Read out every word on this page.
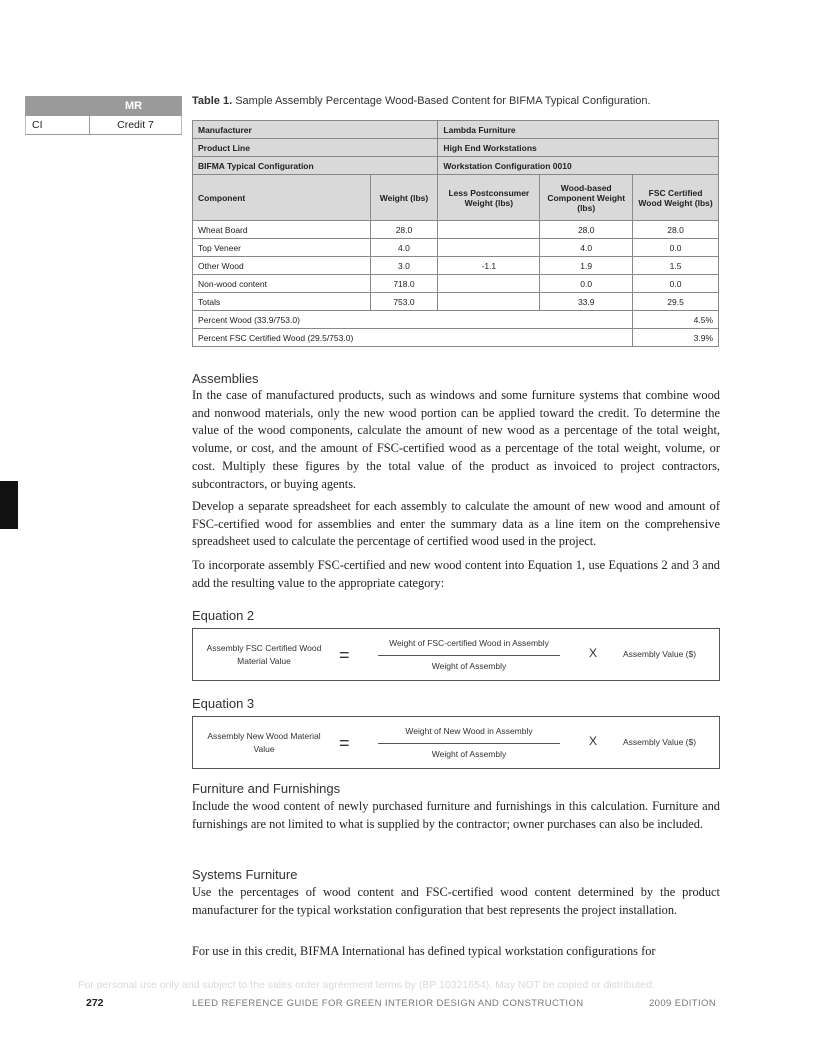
MR
CI	Credit 7
Table 1. Sample Assembly Percentage Wood-Based Content for BIFMA Typical Configuration.
Manufacturer		Lambda Furniture		
Product Line		High End Workstations		
BIFMA Typical Configuration		Workstation Configuration 0010		
Component	Weight (lbs)	Less Postconsumer Weight (lbs)	Wood-based Component Weight (lbs)	FSC Certified Wood Weight (lbs)
Wheat Board	28.0		28.0	28.0
Top Veneer	4.0		4.0	0.0
Other Wood	3.0	-1.1	1.9	1.5
Non-wood content	718.0		0.0	0.0
Totals	753.0		33.9	29.5
Percent Wood (33.9/753.0)				4.5%
Percent FSC Certified Wood (29.5/753.0)				3.9%
Assemblies

In the case of manufactured products, such as windows and some furniture systems that combine wood and nonwood materials, only the new wood portion can be applied toward the credit. To determine the value of the wood components, calculate the amount of new wood as a percentage of the total weight, volume, or cost, and the amount of FSC-certified wood as a percentage of the total weight, volume, or cost. Multiply these figures by the total value of the product as invoiced to project contractors, subcontractors, or buying agents.

Develop a separate spreadsheet for each assembly to calculate the amount of new wood and amount of FSC-certified wood for assemblies and enter the summary data as a line item on the comprehensive spreadsheet used to calculate the percentage of certified wood used in the project.

To incorporate assembly FSC-certified and new wood content into Equation 1, use Equations 2 and 3 and add the resulting value to the appropriate category:

Equation 2
Assembly FSC Certified Wood Material Value	=
Weight of FSC-certified Wood in Assembly
Weight of Assembly
X	Assembly Value ($)
Equation 3
Assembly New Wood Material Value	=
Weight of New Wood in Assembly
Weight of Assembly
X	Assembly Value ($)
Furniture and Furnishings

Include the wood content of newly purchased furniture and furnishings in this calculation. Furniture and furnishings are not limited to what is supplied by the contractor; owner purchases can also be included.

Systems Furniture

Use the percentages of wood content and FSC-certified wood content determined by the product manufacturer for the typical workstation configuration that best represents the project installation.

For use in this credit, BIFMA International has defined typical workstation configurations for

For personal use only and subject to the sales order agreement terms by (BP 10321654). May NOT be copied or distributed.
272	LEED REFERENCE GUIDE FOR GREEN INTERIOR DESIGN AND CONSTRUCTION	2009 EDITION
